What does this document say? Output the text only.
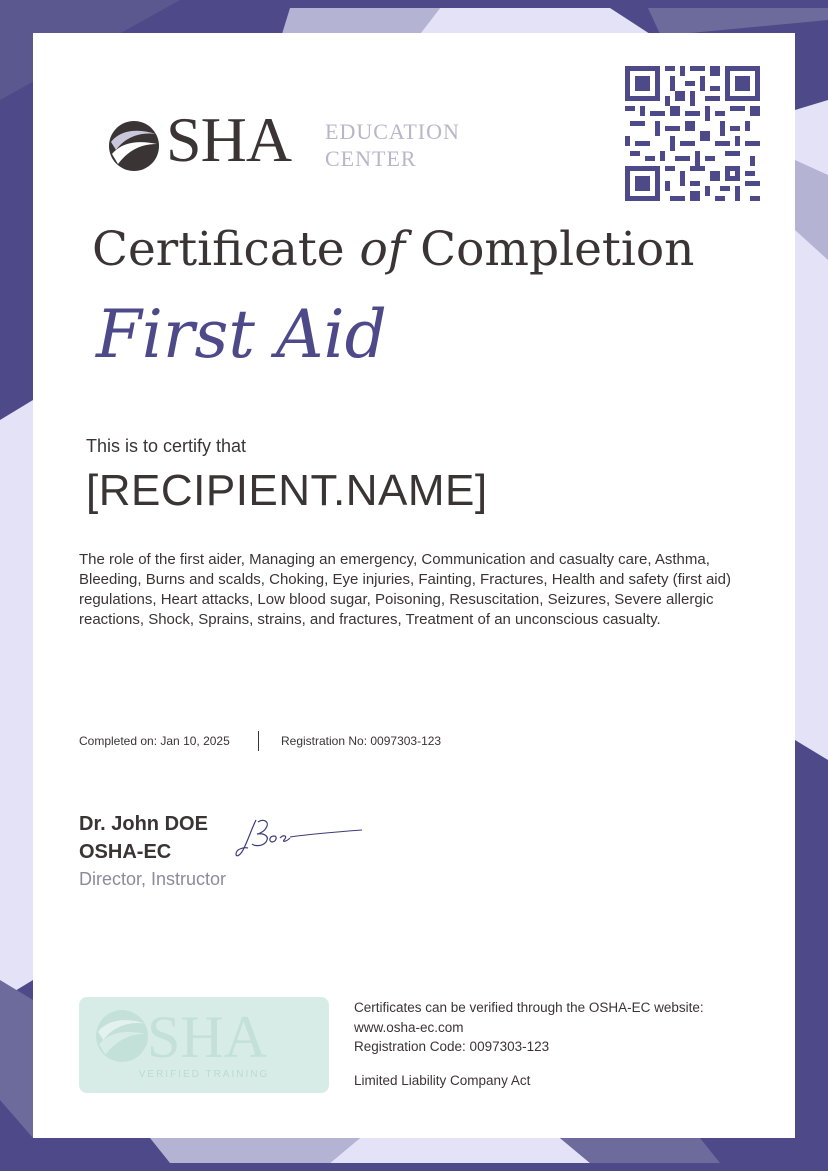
SHA EDUCATION
CENTER
Certificate of Completion
First Aid
This is to certify that
[RECIPIENT.NAME]
The role of the first aider, Managing an emergency, Communication and casualty care, Asthma, Bleeding, Burns and scalds, Choking, Eye injuries, Fainting, Fractures, Health and safety (first aid) regulations, Heart attacks, Low blood sugar, Poisoning, Resuscitation, Seizures, Severe allergic reactions, Shock, Sprains, strains, and fractures, Treatment of an unconscious casualty.
Completed on: Jan 10, 2025	Registration No: 0097303-123
Dr. John DOE
OSHA-EC
Director, Instructor
SHA
VERIFIED TRAINING
Certificates can be verified through the OSHA-EC website:
www.osha-ec.com
Registration Code: 0097303-123
Limited Liability Company Act
